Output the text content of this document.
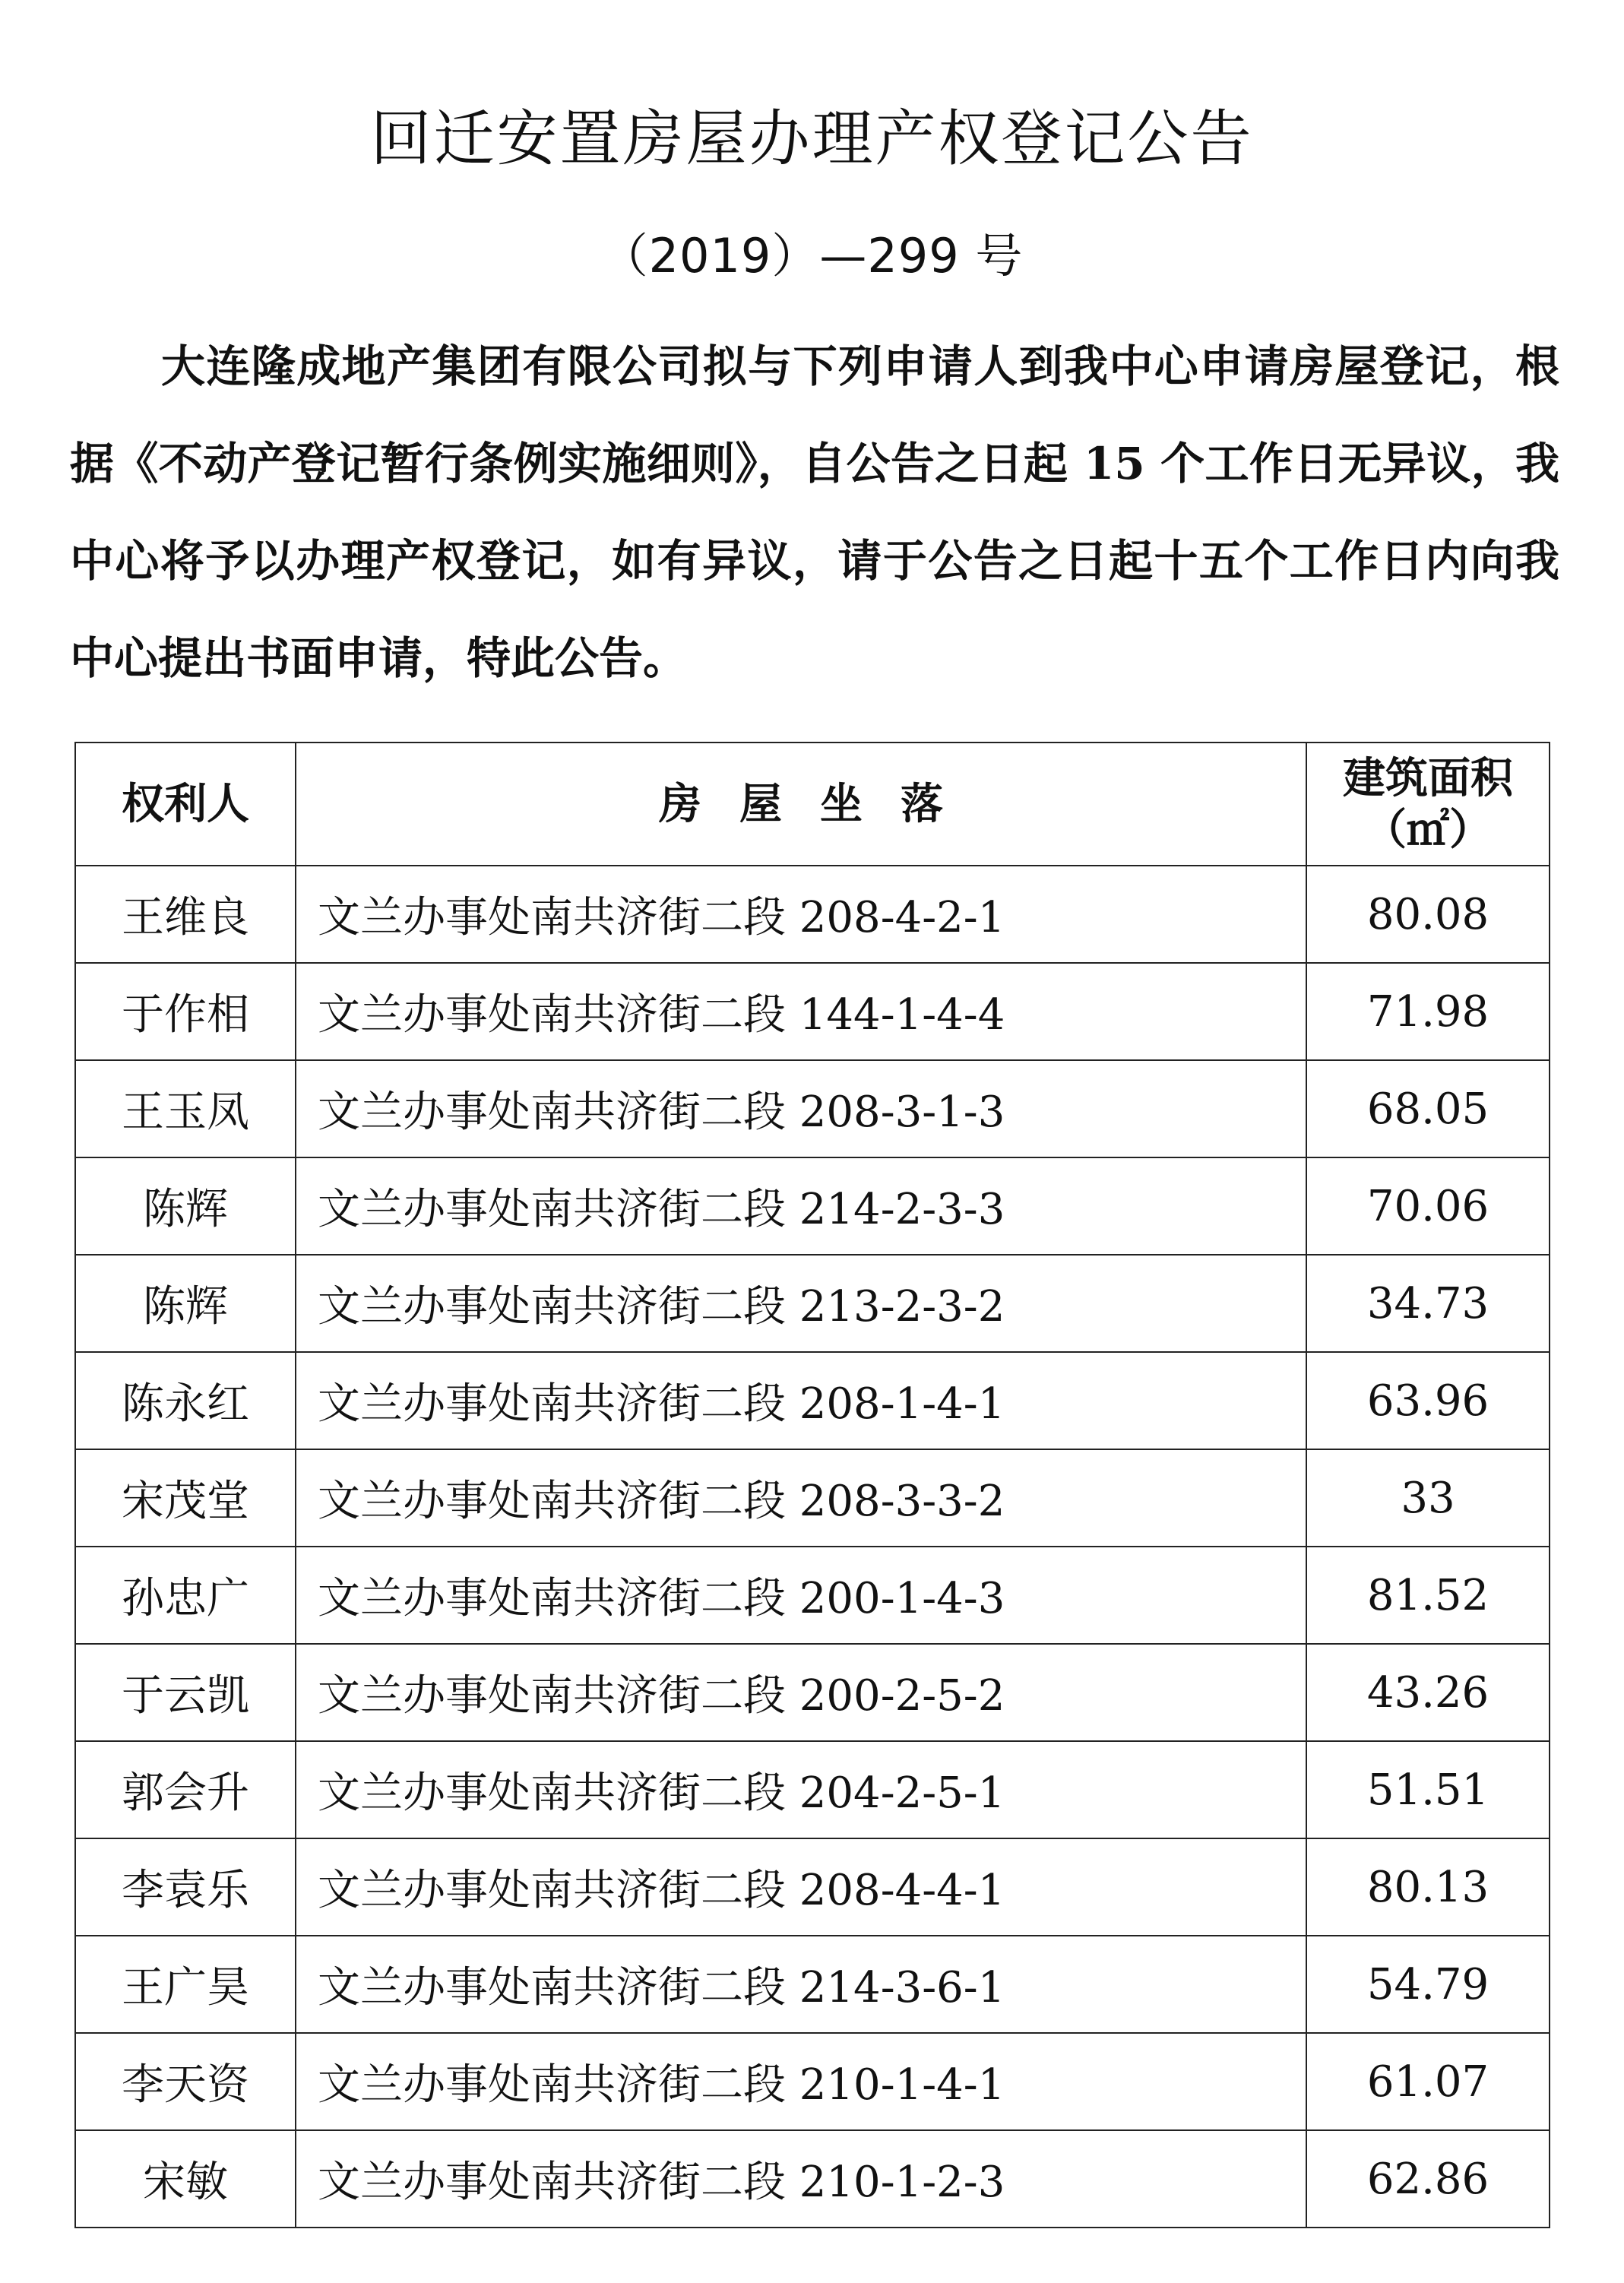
回迁安置房屋办理产权登记公告
（2019）—299 号
大连隆成地产集团有限公司拟与下列申请人到我中心申请房屋登记，根据《不动产登记暂行条例实施细则》，自公告之日起 15 个工作日无异议，我中心将予以办理产权登记，如有异议，请于公告之日起十五个工作日内向我中心提出书面申请，特此公告。
权利人	房屋坐落	建筑面积
（㎡）

王维良	文兰办事处南共济街二段 208-4-2-1	80.08
于作相	文兰办事处南共济街二段 144-1-4-4	71.98
王玉凤	文兰办事处南共济街二段 208-3-1-3	68.05
陈辉	文兰办事处南共济街二段 214-2-3-3	70.06
陈辉	文兰办事处南共济街二段 213-2-3-2	34.73
陈永红	文兰办事处南共济街二段 208-1-4-1	63.96
宋茂堂	文兰办事处南共济街二段 208-3-3-2	33
孙忠广	文兰办事处南共济街二段 200-1-4-3	81.52
于云凯	文兰办事处南共济街二段 200-2-5-2	43.26
郭会升	文兰办事处南共济街二段 204-2-5-1	51.51
李袁乐	文兰办事处南共济街二段 208-4-4-1	80.13
王广昊	文兰办事处南共济街二段 214-3-6-1	54.79
李天资	文兰办事处南共济街二段 210-1-4-1	61.07
宋敏	文兰办事处南共济街二段 210-1-2-3	62.86
